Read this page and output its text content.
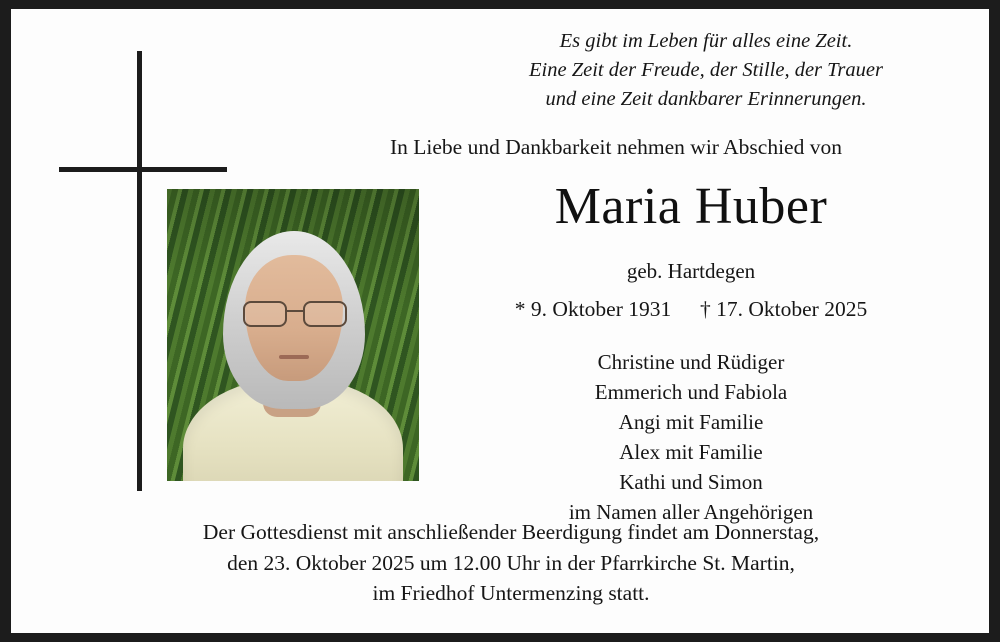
Es gibt im Leben für alles eine Zeit.
Eine Zeit der Freude, der Stille, der Trauer
und eine Zeit dankbarer Erinnerungen.
In Liebe und Dankbarkeit nehmen wir Abschied von
Maria Huber
geb. Hartdegen
* 9. Oktober 1931 † 17. Oktober 2025
Christine und Rüdiger
Emmerich und Fabiola
Angi mit Familie
Alex mit Familie
Kathi und Simon
im Namen aller Angehörigen
Der Gottesdienst mit anschließender Beerdigung findet am Donnerstag,
den 23. Oktober 2025 um 12.00 Uhr in der Pfarrkirche St. Martin,
im Friedhof Untermenzing statt.
